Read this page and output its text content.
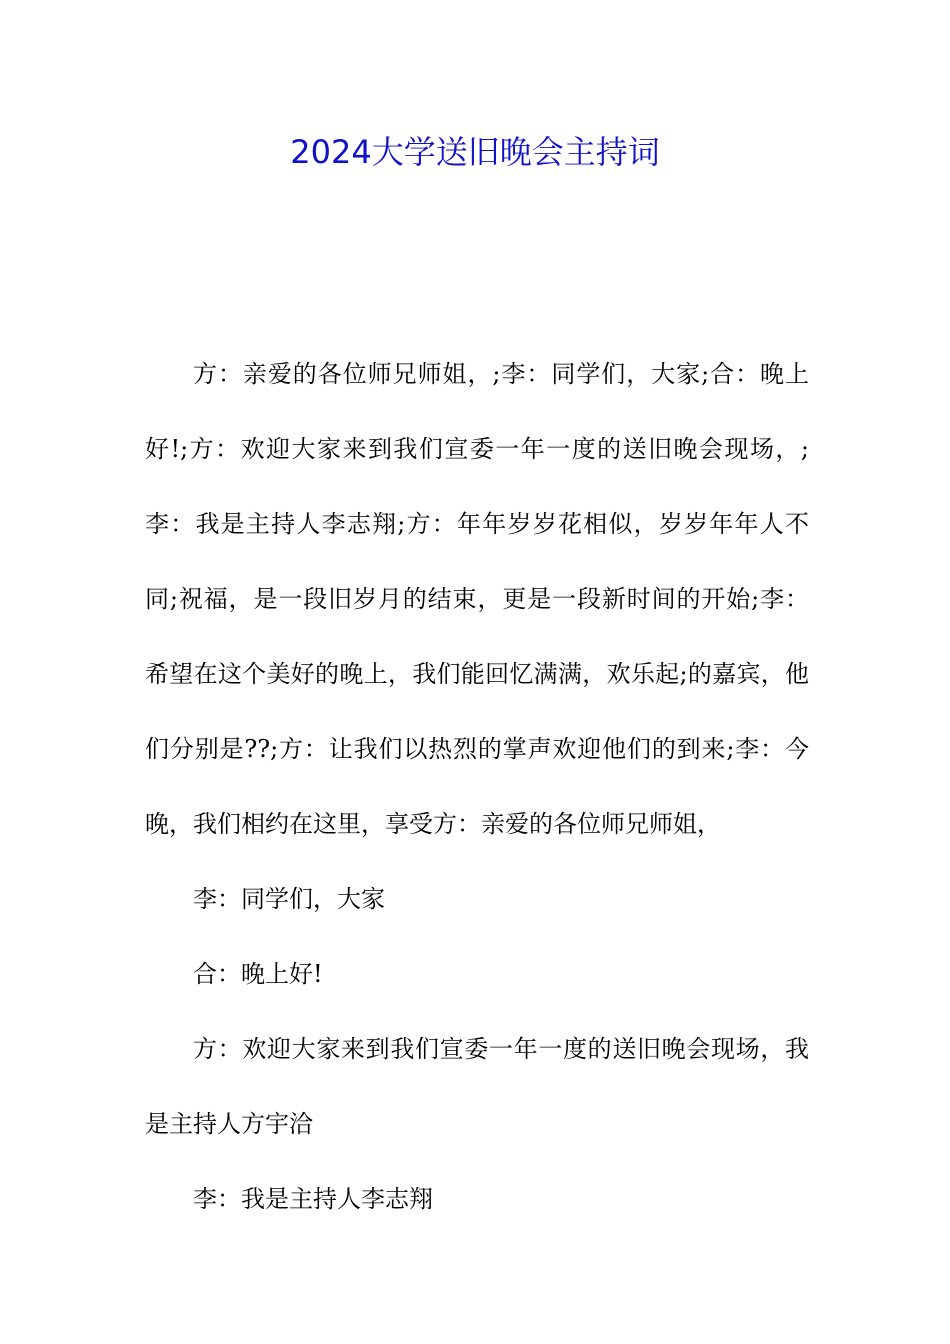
2024大学送旧晚会主持词

方：亲爱的各位师兄师姐，;李：同学们，大家;合：晚上好!;方：欢迎大家来到我们宣委一年一度的送旧晚会现场，;李：我是主持人李志翔;方：年年岁岁花相似，岁岁年年人不同;祝福，是一段旧岁月的结束，更是一段新时间的开始;李：希望在这个美好的晚上，我们能回忆满满，欢乐起;的嘉宾，他们分别是??;方：让我们以热烈的掌声欢迎他们的到来;李：今晚，我们相约在这里，享受方：亲爱的各位师兄师姐，

李：同学们，大家

合：晚上好!

方：欢迎大家来到我们宣委一年一度的送旧晚会现场，我是主持人方宇洽

李：我是主持人李志翔
